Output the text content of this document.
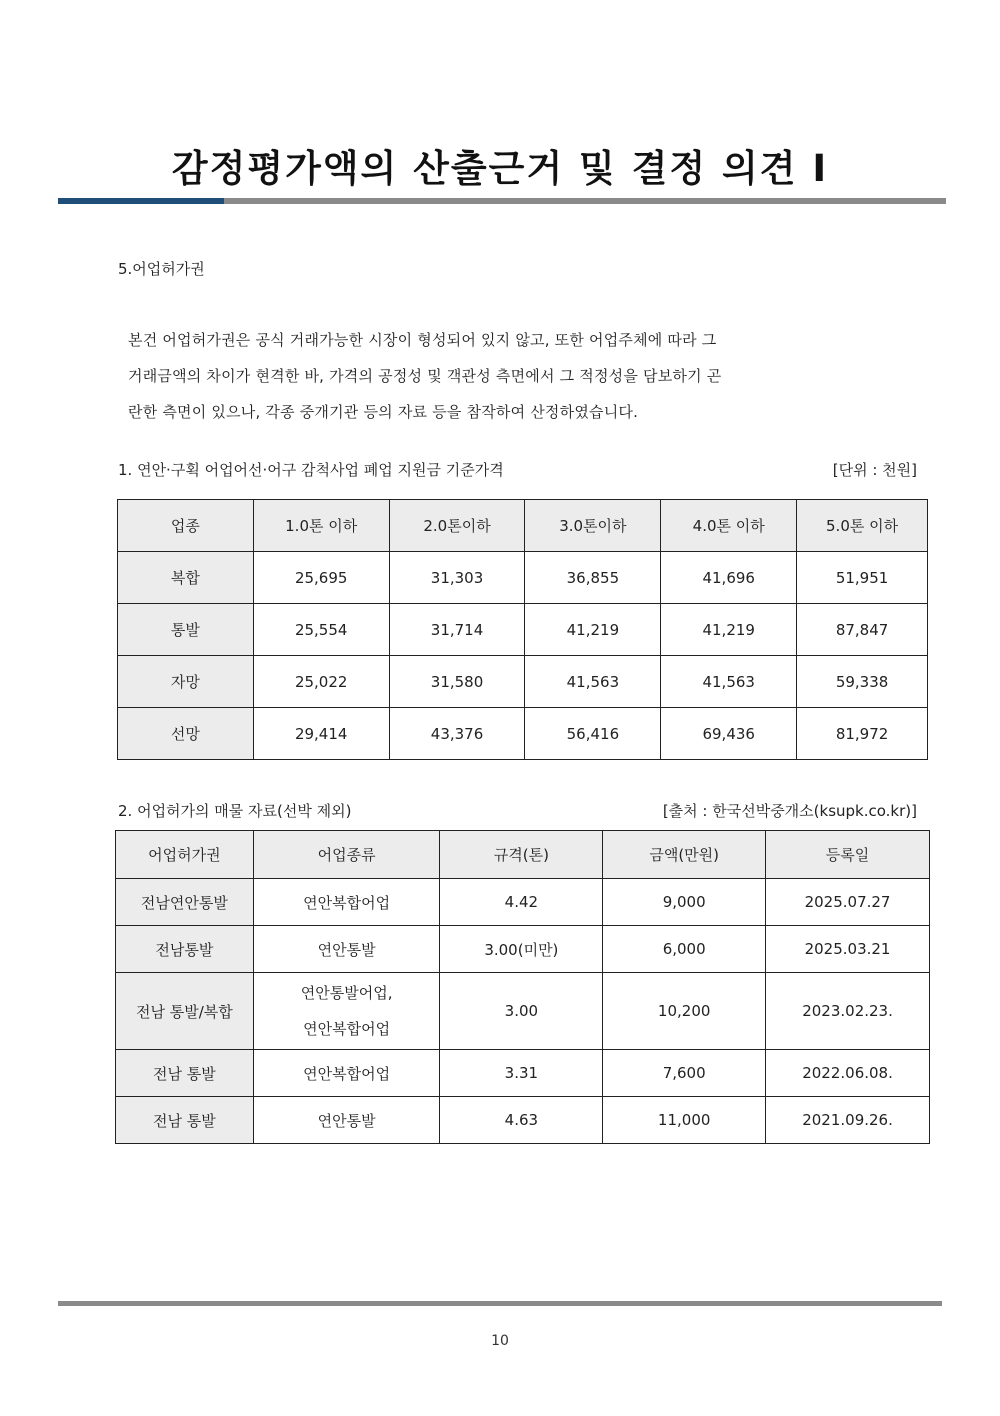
감정평가액의 산출근거 및 결정 의견 I
5.어업허가권
본건 어업허가권은 공식 거래가능한 시장이 형성되어 있지 않고, 또한 어업주체에 따라 그
거래금액의 차이가 현격한 바, 가격의 공정성 및 객관성 측면에서 그 적정성을 담보하기 곤
란한 측면이 있으나, 각종 중개기관 등의 자료 등을 참작하여 산정하였습니다.
1. 연안·구획 어업어선·어구 감척사업 폐업 지원금 기준가격	[단위 : 천원]
업종	1.0톤 이하	2.0톤이하	3.0톤이하	4.0톤 이하	5.0톤 이하
복합	25,695	31,303	36,855	41,696	51,951
통발	25,554	31,714	41,219	41,219	87,847
자망	25,022	31,580	41,563	41,563	59,338
선망	29,414	43,376	56,416	69,436	81,972
2. 어업허가의 매물 자료(선박 제외)	[출처 : 한국선박중개소(ksupk.co.kr)]
어업허가권	어업종류	규격(톤)	금액(만원)	등록일
전남연안통발	연안복합어업	4.42	9,000	2025.07.27
전남통발	연안통발	3.00(미만)	6,000	2025.03.21
전남 통발/복합	연안통발어업,
연안복합어업	3.00	10,200	2023.02.23.
전남 통발	연안복합어업	3.31	7,600	2022.06.08.
전남 통발	연안통발	4.63	11,000	2021.09.26.
10
